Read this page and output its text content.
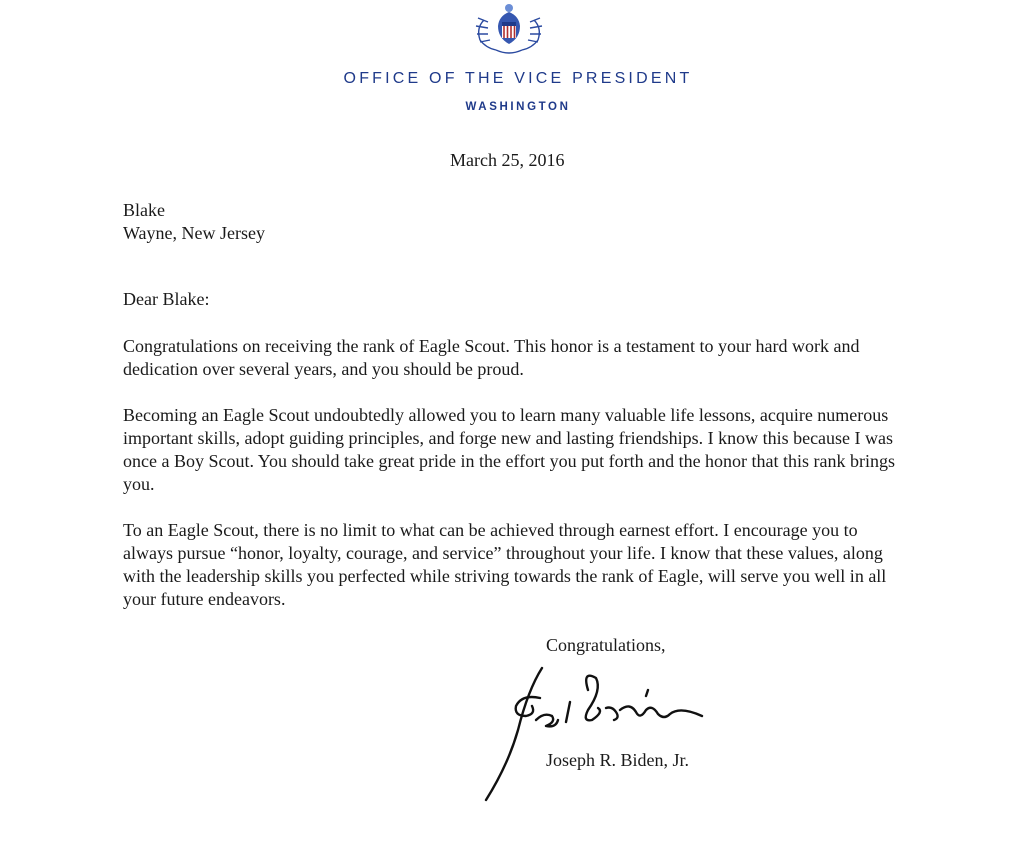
OFFICE OF THE VICE PRESIDENT
WASHINGTON
March 25, 2016
Blake
Wayne, New Jersey
Dear Blake:

Congratulations on receiving the rank of Eagle Scout. This honor is a testament to your hard work and dedication over several years, and you should be proud.

Becoming an Eagle Scout undoubtedly allowed you to learn many valuable life lessons, acquire numerous important skills, adopt guiding principles, and forge new and lasting friendships. I know this because I was once a Boy Scout. You should take great pride in the effort you put forth and the honor that this rank brings you.

To an Eagle Scout, there is no limit to what can be achieved through earnest effort. I encourage you to always pursue “honor, loyalty, courage, and service” throughout your life. I know that these values, along with the leadership skills you perfected while striving towards the rank of Eagle, will serve you well in all your future endeavors.

Congratulations,
Joseph R. Biden, Jr.
